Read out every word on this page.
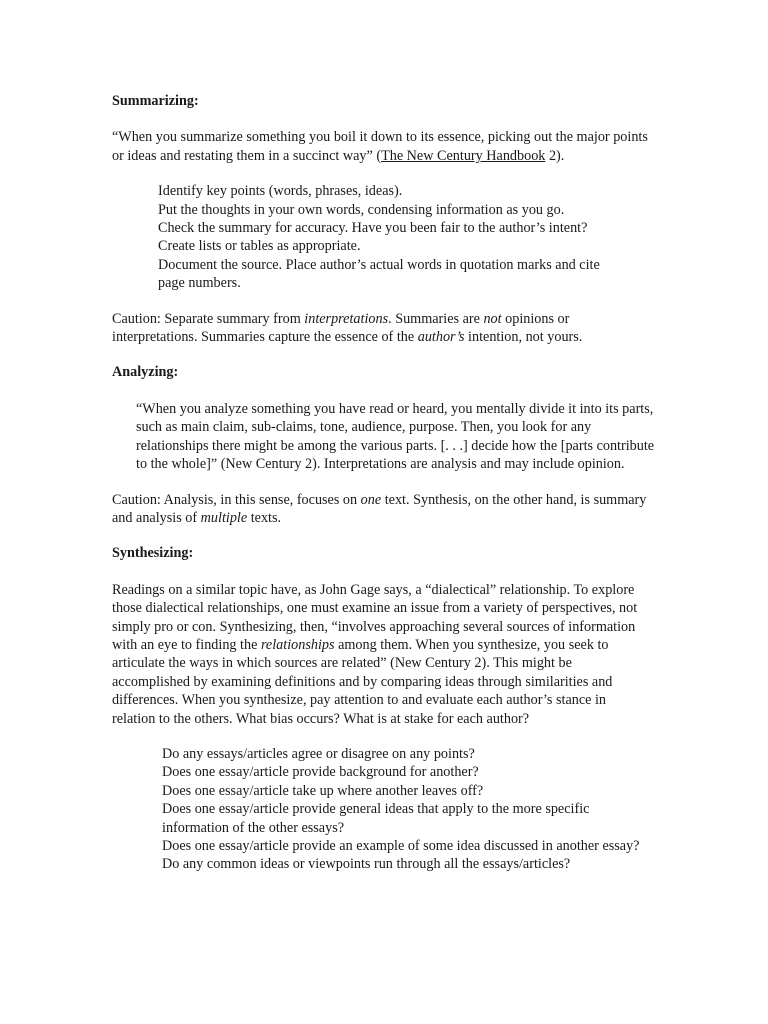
Summarizing:

“When you summarize something you boil it down to its essence, picking out the major points or ideas and restating them in a succinct way” (The New Century Handbook 2).

Identify key points (words, phrases, ideas).
Put the thoughts in your own words, condensing information as you go.
Check the summary for accuracy. Have you been fair to the author’s intent?
Create lists or tables as appropriate.
Document the source. Place author’s actual words in quotation marks and cite page numbers.

Caution: Separate summary from interpretations. Summaries are not opinions or interpretations. Summaries capture the essence of the author’s intention, not yours.

Analyzing:

“When you analyze something you have read or heard, you mentally divide it into its parts, such as main claim, sub-claims, tone, audience, purpose. Then, you look for any relationships there might be among the various parts. [. . .] decide how the [parts contribute to the whole]” (New Century 2). Interpretations are analysis and may include opinion.

Caution: Analysis, in this sense, focuses on one text. Synthesis, on the other hand, is summary and analysis of multiple texts.

Synthesizing:

Readings on a similar topic have, as John Gage says, a “dialectical” relationship. To explore those dialectical relationships, one must examine an issue from a variety of perspectives, not simply pro or con. Synthesizing, then, “involves approaching several sources of information with an eye to finding the relationships among them. When you synthesize, you seek to articulate the ways in which sources are related” (New Century 2). This might be accomplished by examining definitions and by comparing ideas through similarities and differences. When you synthesize, pay attention to and evaluate each author’s stance in relation to the others. What bias occurs? What is at stake for each author?

Do any essays/articles agree or disagree on any points?
Does one essay/article provide background for another?
Does one essay/article take up where another leaves off?
Does one essay/article provide general ideas that apply to the more specific information of the other essays?
Does one essay/article provide an example of some idea discussed in another essay?
Do any common ideas or viewpoints run through all the essays/articles?
